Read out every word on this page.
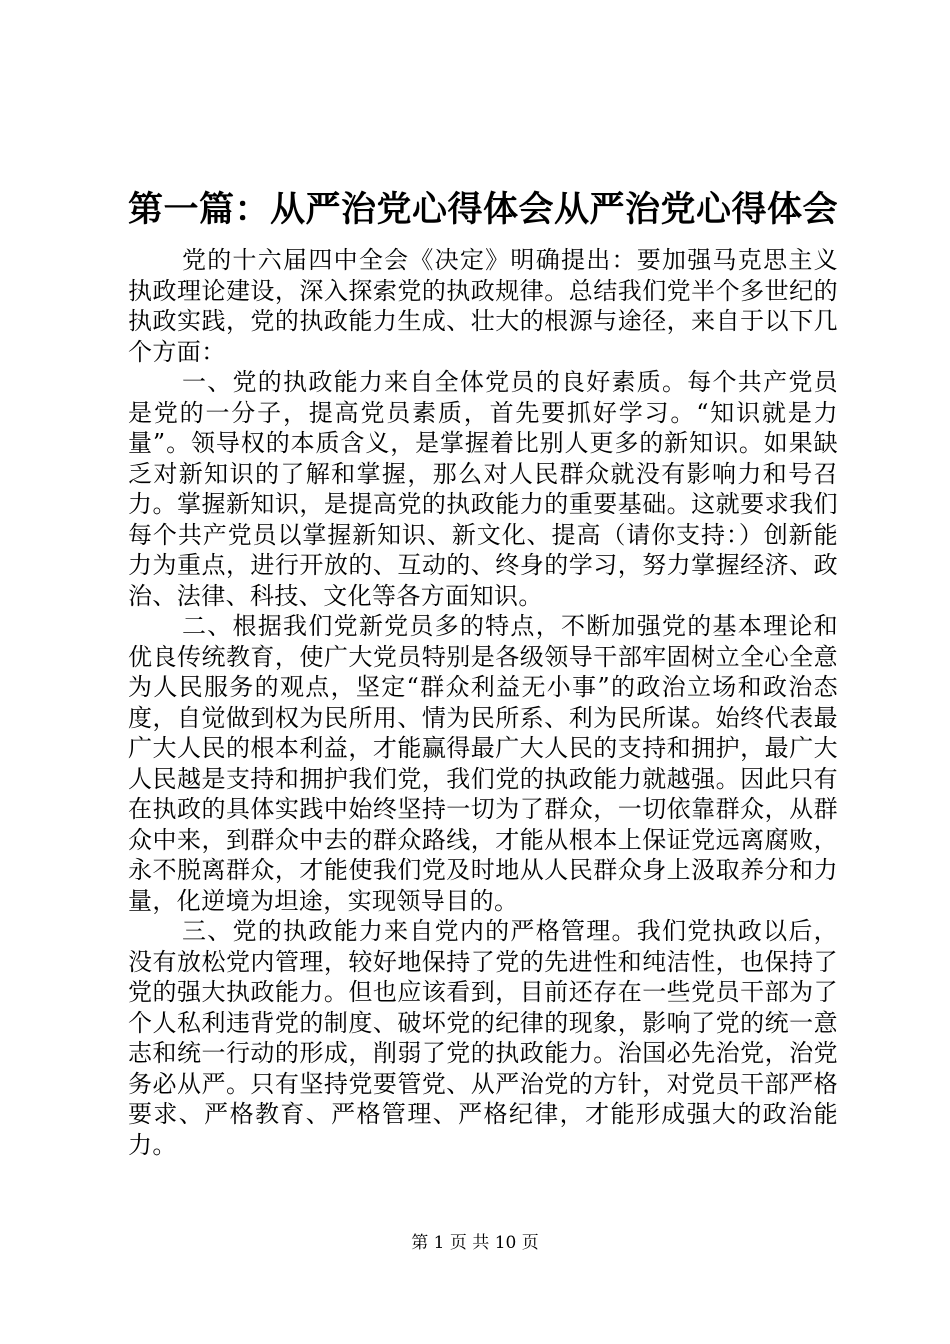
第一篇：从严治党心得体会从严治党心得体会

党的十六届四中全会《决定》明确提出：要加强马克思主义执政理论建设，深入探索党的执政规律。总结我们党半个多世纪的执政实践，党的执政能力生成、壮大的根源与途径，来自于以下几个方面：

一、党的执政能力来自全体党员的良好素质。每个共产党员是党的一分子，提高党员素质，首先要抓好学习。“知识就是力量”。领导权的本质含义，是掌握着比别人更多的新知识。如果缺乏对新知识的了解和掌握，那么对人民群众就没有影响力和号召力。掌握新知识，是提高党的执政能力的重要基础。这就要求我们每个共产党员以掌握新知识、新文化、提高（请你支持：）创新能力为重点，进行开放的、互动的、终身的学习，努力掌握经济、政治、法律、科技、文化等各方面知识。

二、根据我们党新党员多的特点，不断加强党的基本理论和优良传统教育，使广大党员特别是各级领导干部牢固树立全心全意为人民服务的观点，坚定“群众利益无小事”的政治立场和政治态度，自觉做到权为民所用、情为民所系、利为民所谋。始终代表最广大人民的根本利益，才能赢得最广大人民的支持和拥护，最广大人民越是支持和拥护我们党，我们党的执政能力就越强。因此只有在执政的具体实践中始终坚持一切为了群众，一切依靠群众，从群众中来，到群众中去的群众路线，才能从根本上保证党远离腐败，永不脱离群众，才能使我们党及时地从人民群众身上汲取养分和力量，化逆境为坦途，实现领导目的。

三、党的执政能力来自党内的严格管理。我们党执政以后，没有放松党内管理，较好地保持了党的先进性和纯洁性，也保持了党的强大执政能力。但也应该看到，目前还存在一些党员干部为了个人私利违背党的制度、破坏党的纪律的现象，影响了党的统一意志和统一行动的形成，削弱了党的执政能力。治国必先治党，治党务必从严。只有坚持党要管党、从严治党的方针，对党员干部严格要求、严格教育、严格管理、严格纪律，才能形成强大的政治能力。

第 1 页 共 10 页
